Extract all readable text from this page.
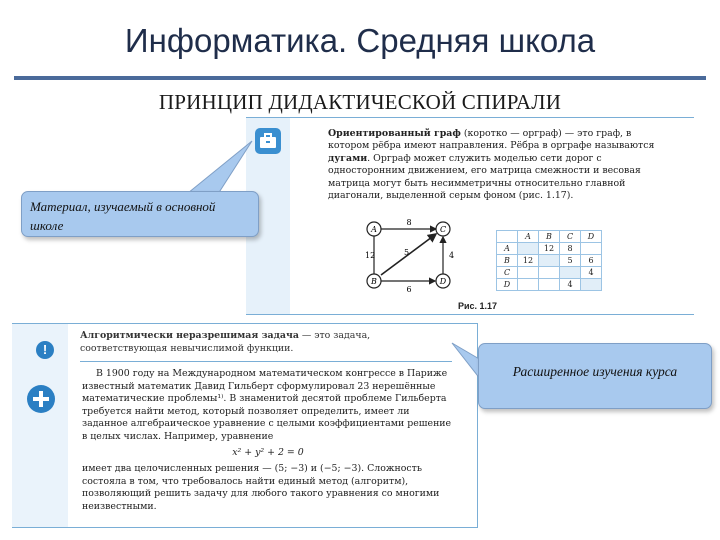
Информатика. Средняя школа
ПРИНЦИП ДИДАКТИЧЕСКОЙ СПИРАЛИ
Ориентированный граф (коротко — орграф) — это граф, в котором рёбра имеют направления. Рёбра в орграфе называются дугами. Орграф может служить моделью сети дорог с односторонним движением, его матрица смежности и весовая матрица могут быть несимметричны относительно главной диагонали, выделенной серым фоном (рис. 1.17).
A	C
B	D
8
12	5	4
6
	A	B	C	D
A		12	8	
B	12		5	6
C				4
D			4	
Рис. 1.17
!
Алгоритмически неразрешимая задача — это задача, соответствующая невычислимой функции.
В 1900 году на Международном математическом конгрессе в Париже известный математик Давид Гильберт сформулировал 23 нерешённые математические проблемы¹⁾. В знаменитой десятой проблеме Гильберта требуется найти метод, который позволяет определить, имеет ли заданное алгебраическое уравнение с целыми коэффициентами решение в целых числах. Например, уравнение
x² + y² + 2 = 0
имеет два целочисленных решения — (5; −3) и (−5; −3). Сложность состояла в том, что требовалось найти единый метод (алгоритм), позволяющий решить задачу для любого такого уравнения со многими неизвестными.
Материал, изучаемый в основной школе
Расширенное изучения курса
